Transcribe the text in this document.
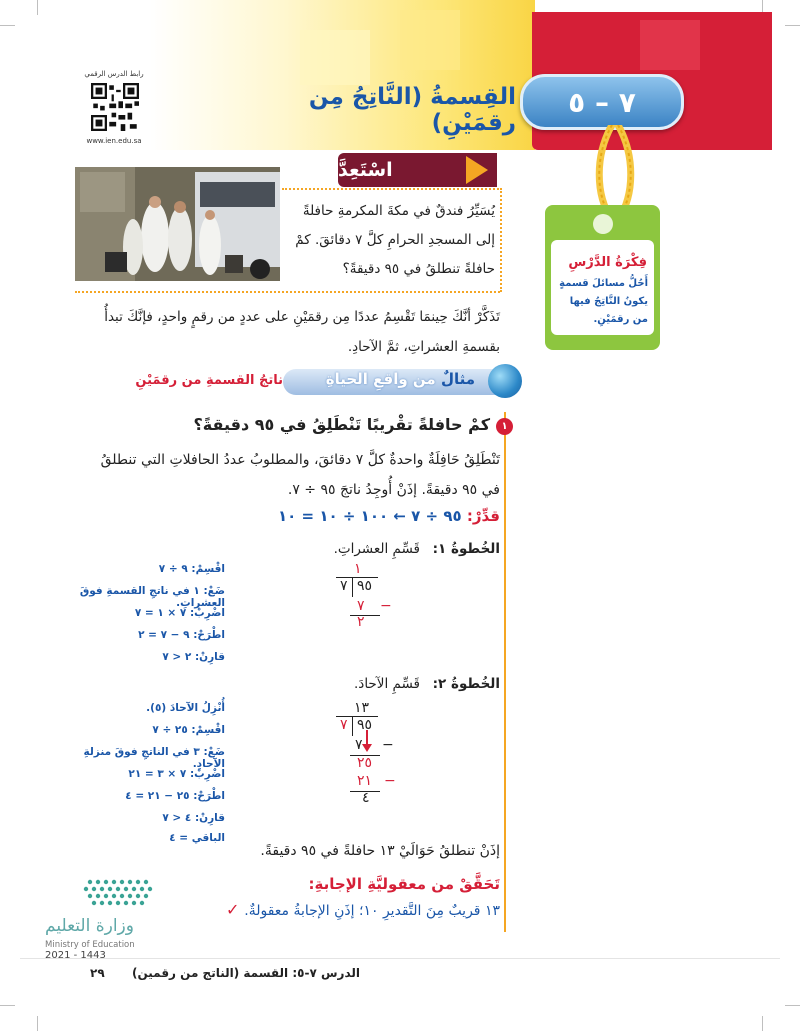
رابط الدرس الرقمي
www.ien.edu.sa
٧ – ٥
القِسمةُ (النَّاتِجُ مِن رقمَيْنِ)
فِكْرَةُ الدَّرْسِ
أَحُلُّ مسائلَ قسمةٍ يكونُ النَّاتِجُ فيها من رقمَيْنِ.
اسْتَعِدَّ
يُسَيِّرُ فندقٌ في مكةَ المكرمةِ حافلةً إلى المسجدِ الحرامِ كلَّ ٧ دقائقَ. كمْ حافلةً تنطلقُ في ٩٥ دقيقةً؟
تَذَكَّرْ أنَّكَ حِينمَا تَقْسِمُ عددًا مِن رقمَيْنِ على عددٍ من رقمٍ واحدٍ، فإنَّكَ تبدأُ بقسمةِ العشراتِ، ثمَّ الآحادِ.
مثالٌ من واقعِ الحياةِ
ناتجُ القسمةِ من رقمَيْنِ
١
كمْ حافلةً تقْريبًا تَنْطَلِقُ في ٩٥ دقيقةً؟
تَنْطَلِقُ حَافِلَةٌ واحدةٌ كلَّ ٧ دقائقَ، والمطلوبُ عددُ الحافلاتِ التي تنطلقُ في ٩٥ دقيقةً. إذَنْ أُوجِدُ ناتجَ ٩٥ ÷ ٧.
قدِّرْ: ٩٥ ÷ ٧ ← ١٠٠ ÷ ١٠ = ١٠
الخُطوةُ ١:
قَسِّمِ العشراتِ.
اقْسِمْ: ٩ ÷ ٧
ضَعْ: ١ في ناتجِ القسمةِ فوقَ العشراتِ.
اضْرِبْ: ٧ × ١ = ٧
اطْرَحْ: ٩ − ٧ = ٢
قارِنْ: ٢ < ٧
١
٧ ٩٥
٧ −
٢
الخُطوةُ ٢:
قَسِّمِ الآحادَ.
أُنْزِلُ الآحادَ (٥).
اقْسِمْ: ٢٥ ÷ ٧
ضَعْ: ٣ في الناتجِ فوقَ منزلةِ الآحادِ.
اضْرِبْ: ٧ × ٣ = ٢١
اطْرَحْ: ٢٥ − ٢١ = ٤
قارِنْ: ٤ < ٧
الباقي = ٤
١٣
٧ ٩٥
٧ −
٢٥
٢١ −
٤
إذَنْ تنطلقُ حَوَالَيْ ١٣ حافلةً في ٩٥ دقيقةً.
تَحَقَّقْ من معقوليَّةِ الإجابةِ:
١٣ قريبٌ مِنَ التَّقديرِ ١٠؛ إذَنِ الإجابةُ معقولةٌ.
✓
وزارة التعليم
Ministry of Education
2021 - 1443
٢٩	الدرس ٧-٥: القسمة (الناتج من رقمين)
